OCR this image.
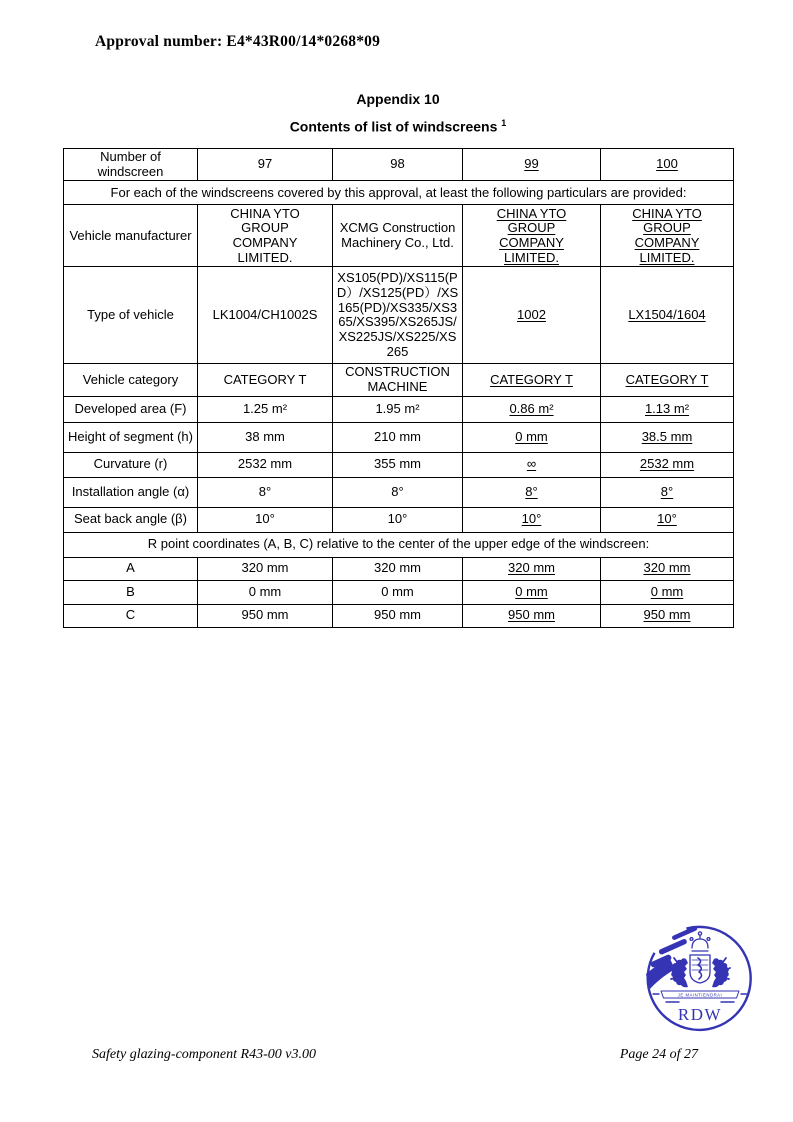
Approval number: E4*43R00/14*0268*09
Appendix 10
Contents of list of windscreens $^1$
Number of windscreen	97	98	99	100
For each of the windscreens covered by this approval, at least the following particulars are provided:				
Vehicle manufacturer	CHINA YTO GROUP COMPANY LIMITED.	XCMG Construction Machinery Co., Ltd.	CHINA YTO GROUP COMPANY LIMITED.	CHINA YTO GROUP COMPANY LIMITED.

Type of vehicle	LK1004/CH1002S	XS105(PD)/XS115(PD）/XS125(PD）/XS165(PD)/XS335/XS365/XS395/XS265JS/XS225JS/XS225/XS265	1002	LX1504/1604
Vehicle category	CATEGORY T	CONSTRUCTION MACHINE	CATEGORY T	CATEGORY T
Developed area (F)	1.25 m²	1.95 m²	0.86 m²	1.13 m²
Height of segment (h)	38 mm	210 mm	0 mm	38.5 mm
Curvature (r)	2532 mm	355 mm	∞	2532 mm
Installation angle (α)	8°	8°	8°	8°
Seat back angle (β)	10°	10°	10°	10°
R point coordinates (A, B, C) relative to the center of the upper edge of the windscreen:				
A	320 mm	320 mm	320 mm	320 mm
B	0 mm	0 mm	0 mm	0 mm
C	950 mm	950 mm	950 mm	950 mm
JE MAINTIENDRAI
RDW
Safety glazing-component R43-00 v3.00	Page 24 of 27
